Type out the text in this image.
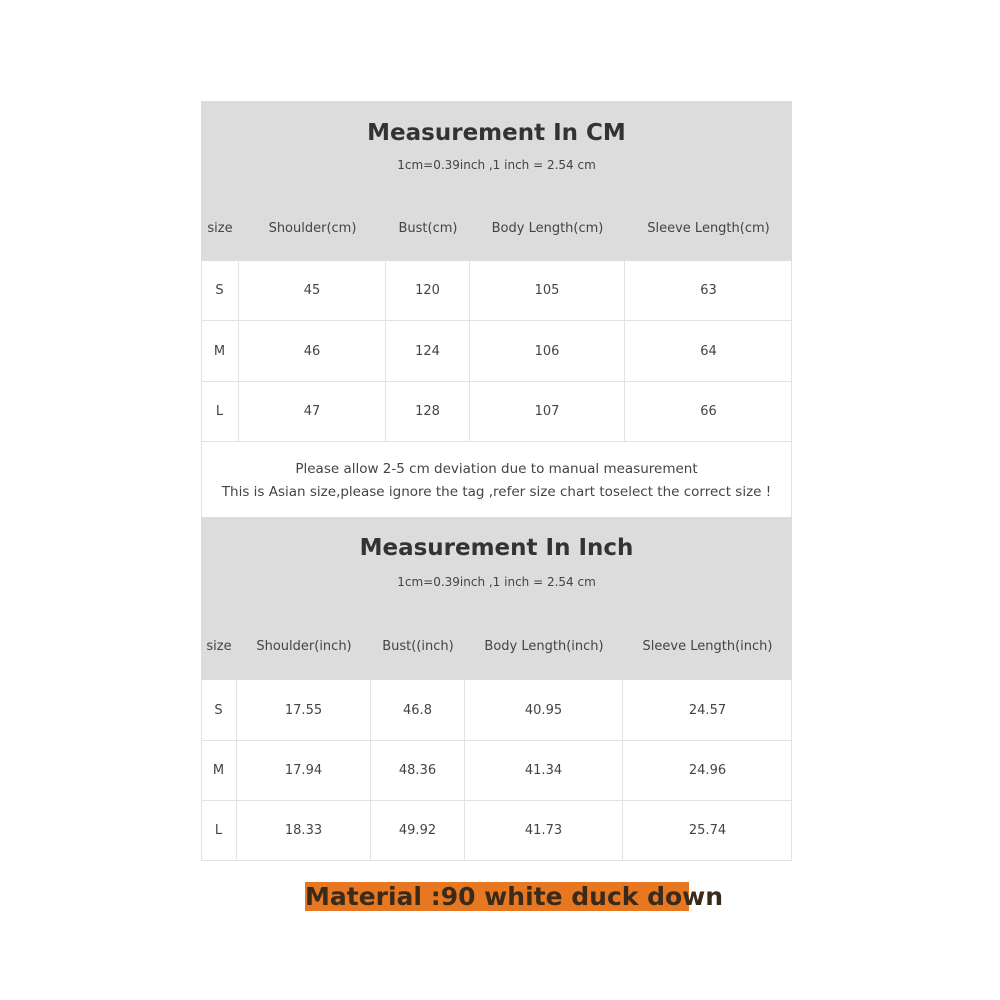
Measurement In CM
1cm=0.39inch ,1 inch = 2.54 cm
size	Shoulder(cm)	Bust(cm)	Body Length(cm)	Sleeve Length(cm)
S	45	120	105	63
M	46	124	106	64
L	47	128	107	66
Please allow 2-5 cm deviation due to manual measurement
This is Asian size,please ignore the tag ,refer size chart toselect the correct size !
Measurement In Inch
1cm=0.39inch ,1 inch = 2.54 cm
size	Shoulder(inch)	Bust((inch)	Body Length(inch)	Sleeve Length(inch)
S	17.55	46.8	40.95	24.57
M	17.94	48.36	41.34	24.96
L	18.33	49.92	41.73	25.74
Material :90 white duck down
